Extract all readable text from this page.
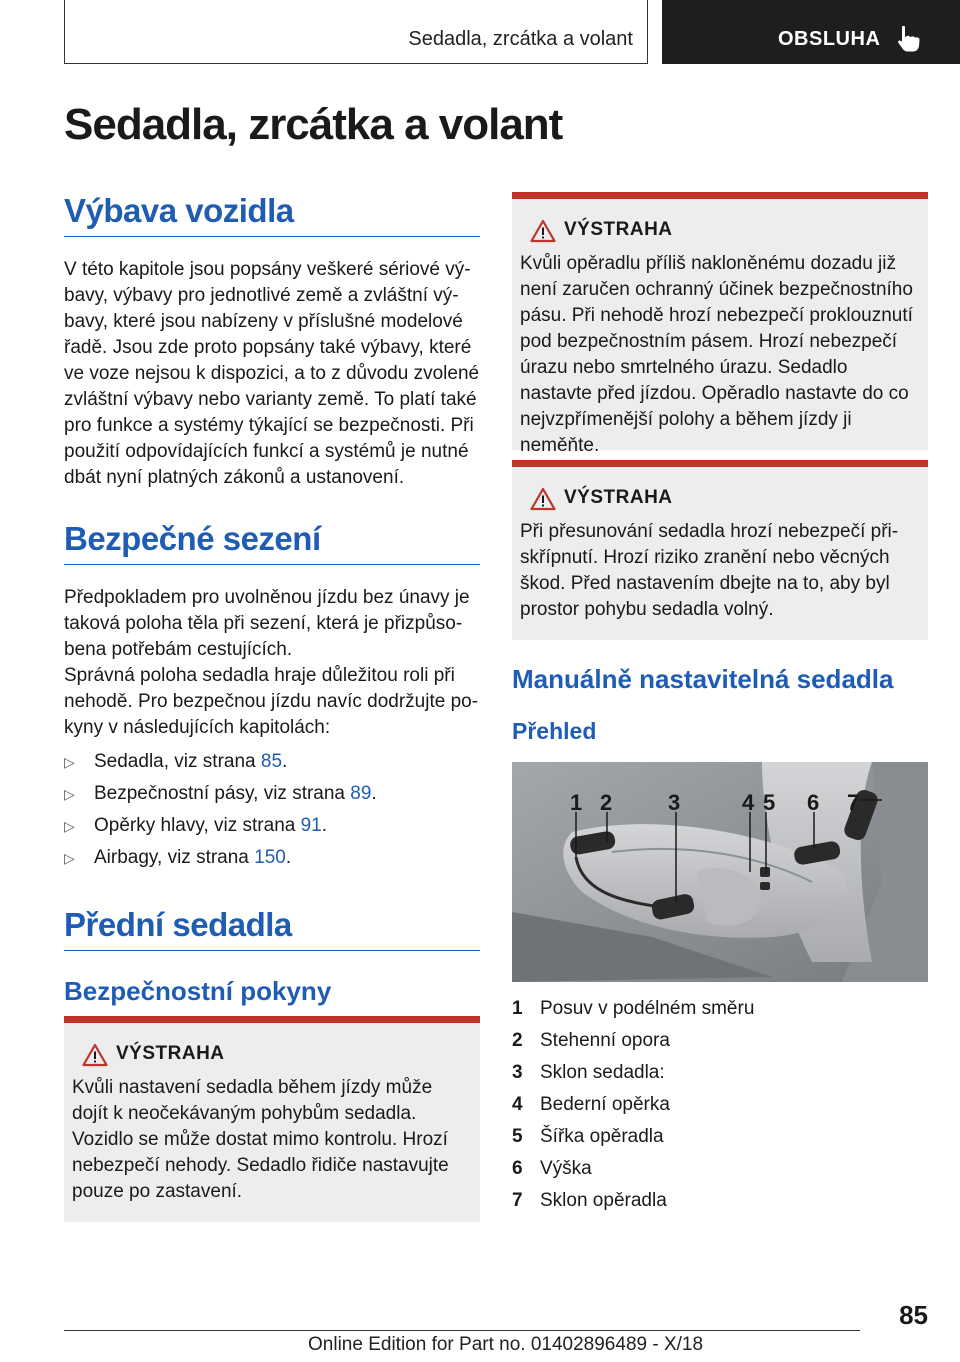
Sedadla, zrcátka a volant	OBSLUHA
Sedadla, zrcátka a volant
Výbava vozidla

V této kapitole jsou popsány veškeré sériové výbavy, výbavy pro jednotlivé země a zvláštní výbavy, které jsou nabízeny v příslušné modelové řadě. Jsou zde proto popsány také výbavy, které ve voze nejsou k dispozici, a to z důvodu zvolené zvláštní výbavy nebo varianty země. To platí také pro funkce a systémy týkající se bezpečnosti. Při použití odpovídajících funkcí a systémů je nutné dbát nyní platných zákonů a ustanovení.

Bezpečné sezení

Předpokladem pro uvolněnou jízdu bez únavy je taková poloha těla při sezení, která je přizpůsobena potřebám cestujících.

Správná poloha sedadla hraje důležitou roli při nehodě. Pro bezpečnou jízdu navíc dodržujte pokyny v následujících kapitolách:

▷ Sedadla, viz strana 85.
▷ Bezpečnostní pásy, viz strana 89.
▷ Opěrky hlavy, viz strana 91.
▷ Airbagy, viz strana 150.
Přední sedadla
Bezpečnostní pokyny
VÝSTRAHA

Kvůli nastavení sedadla během jízdy může dojít k neočekávaným pohybům sedadla. Vozidlo se může dostat mimo kontrolu. Hrozí nebezpečí nehody. Sedadlo řidiče nastavujte pouze po zastavení.

VÝSTRAHA

Kvůli opěradlu příliš nakloněnému dozadu již není zaručen ochranný účinek bezpečnostního pásu. Při nehodě hrozí nebezpečí proklouznutí pod bezpečnostním pásem. Hrozí nebezpečí úrazu nebo smrtelného úrazu. Sedadlo nastavte před jízdou. Opěradlo nastavte do co nejvzpřímenější polohy a během jízdy ji neměňte.

VÝSTRAHA

Při přesunování sedadla hrozí nebezpečí přiskřípnutí. Hrozí riziko zranění nebo věcných škod. Před nastavením dbejte na to, aby byl prostor pohybu sedadla volný.

Manuálně nastavitelná sedadla
Přehled
1 2	3	4 5 6 7
1 Posuv v podélném směru
2 Stehenní opora
3 Sklon sedadla:
4 Bederní opěrka
5 Šířka opěradla
6 Výška
7 Sklon opěradla
85
Online Edition for Part no. 01402896489 - X/18
